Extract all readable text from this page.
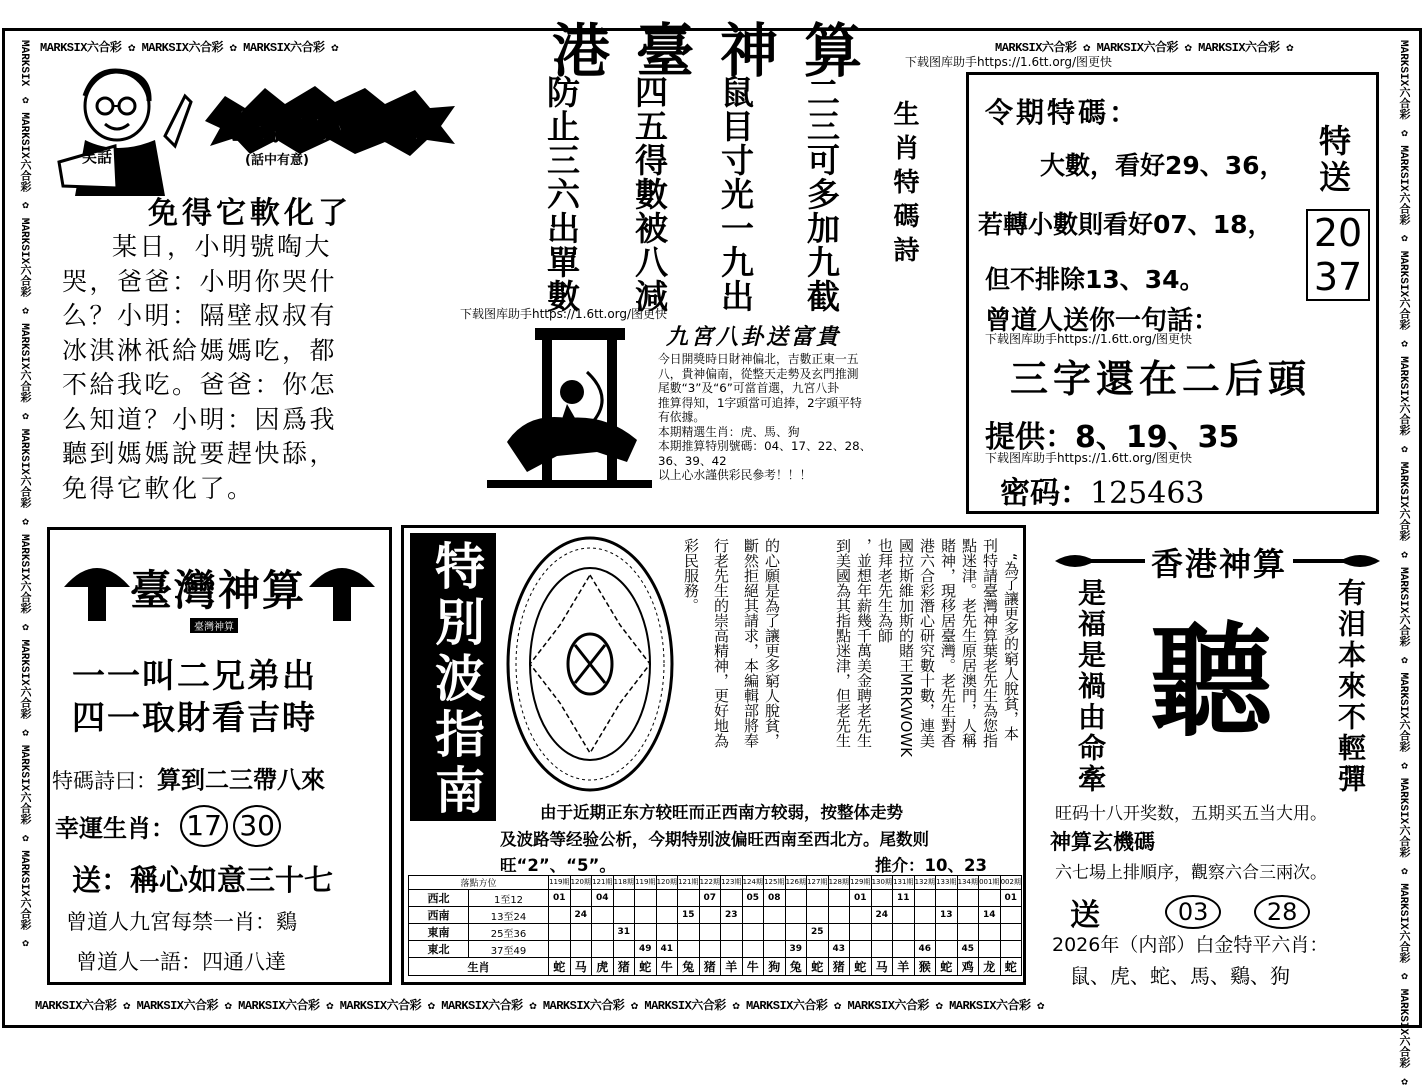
MARKSIX六合彩 ✿ MARKSIX六合彩 ✿ MARKSIX六合彩 ✿	MARKSIX六合彩 ✿ MARKSIX六合彩 ✿ MARKSIX六合彩 ✿
MARKSIX六合彩 ✿ MARKSIX六合彩 ✿ MARKSIX六合彩 ✿ MARKSIX六合彩 ✿ MARKSIX六合彩 ✿ MARKSIX六合彩 ✿ MARKSIX六合彩 ✿ MARKSIX六合彩 ✿ MARKSIX六合彩 ✿ MARKSIX六合彩 ✿
MARKSIX ✿ MARKSIX六合彩 ✿ MARKSIX六合彩 ✿ MARKSIX六合彩 ✿ MARKSIX六合彩 ✿ MARKSIX六合彩 ✿ MARKSIX六合彩 ✿ MARKSIX六合彩 ✿ MARKSIX六合彩 ✿
MARKSIX六合彩 ✿ MARKSIX六合彩 ✿ MARKSIX六合彩 ✿ MARKSIX六合彩 ✿ MARKSIX六合彩 ✿ MARKSIX六合彩 ✿ MARKSIX六合彩 ✿ MARKSIX六合彩 ✿ MARKSIX六合彩 ✿ MARKSIX六合彩 ✿
港臺神算	下载图库助手https://1.6tt.org/图更快
笑話
生活小幽默
(話中有意)
免得它軟化了
某日，小明號啕大
哭，爸爸：小明你哭什
么？小明：隔壁叔叔有
冰淇淋祇給媽媽吃，都
不給我吃。爸爸：你怎
么知道？小明：因爲我
聽到媽媽說要趕快舔，
免得它軟化了。
二三可多加九截
鼠目寸光一九出
四五得數被八減
防止三六出單數	生肖特碼詩
下载图库助手https://1.6tt.org/图更快
九宮八卦送富貴
今日開獎時日財神偏北，吉數正東一五
八，貴神偏南，從整天走勢及玄門推測
尾數“3”及“6”可當首選，九宮八卦
推算得知，1字頭當可追捧，2字頭平特
有依據。
本期精選生肖：虎、馬、狗
本期推算特別號碼：04、17、22、28、
36、39、42
以上心水謹供彩民參考！！！
令期特碼：
大數，看好29、36，
若轉小數則看好07、18，
但不排除13、34。
特送
20
37
曾道人送你一句話：
下载图库助手https://1.6tt.org/图更快
三字還在二后頭
提供：8、19、35
下载图库助手https://1.6tt.org/图更快
密码：125463
臺灣神算
臺灣神算
一一叫二兄弟出
四一取財看吉時
特碼詩曰：算到二三帶八來
幸運生肖： 17 30
送：稱心如意三十七
曾道人九宮每禁一肖：鷄
曾道人一語：四通八達
特別波指南	“為了讓更多的窮人脫貧，本
刊特請臺灣神算葉老先生為您指
點迷津。老先生原居澳門，人稱
賭神，現移居臺灣。老先生對香
港六合彩潛心研究數十數，連美
國拉斯維加斯的賭王MRKWOWK
也拜老先生為師
，並想年薪幾千萬美金聘老先生
到美國為其指點迷津，但老先生
的心願是為了讓更多窮人脫貧，
斷然拒絕其請求，本編輯部將奉
行老先生的崇高精神，更好地為
彩民服務。
由于近期正东方较旺而正西南方较弱，按整体走势
及波路等经验公析，今期特别波偏旺西南至西北方。尾数则
旺“2”、“5”。	推介：10、23
落點方位		119期	120期	121期	118期	119期	120期	121期	122期	123期	124期	125期	126期	127期	128期	129期	130期	131期	132期	133期	134期	001期	002期
西北	1至12	01		04					07		05	08				01		11					01
西南	13至24		24					15		23							24			13		14	
東南	25至36				31									25									
東北	37至49					49	41						39		43				46		45		
生肖		蛇	马	虎	猪	蛇	牛	兔	猪	羊	牛	狗	兔	蛇	猪	蛇	马	羊	猴	蛇	鸡	龙	蛇
香港神算
是福是禍由命牽	有泪本來不輕彈
聽
旺码十八开奖数，五期买五当大用。
神算玄機碼
六七場上排順序，觀察六合三兩次。
送	03 28
2026年（内部）白金特平六肖：
鼠、虎、蛇、馬、鷄、狗
